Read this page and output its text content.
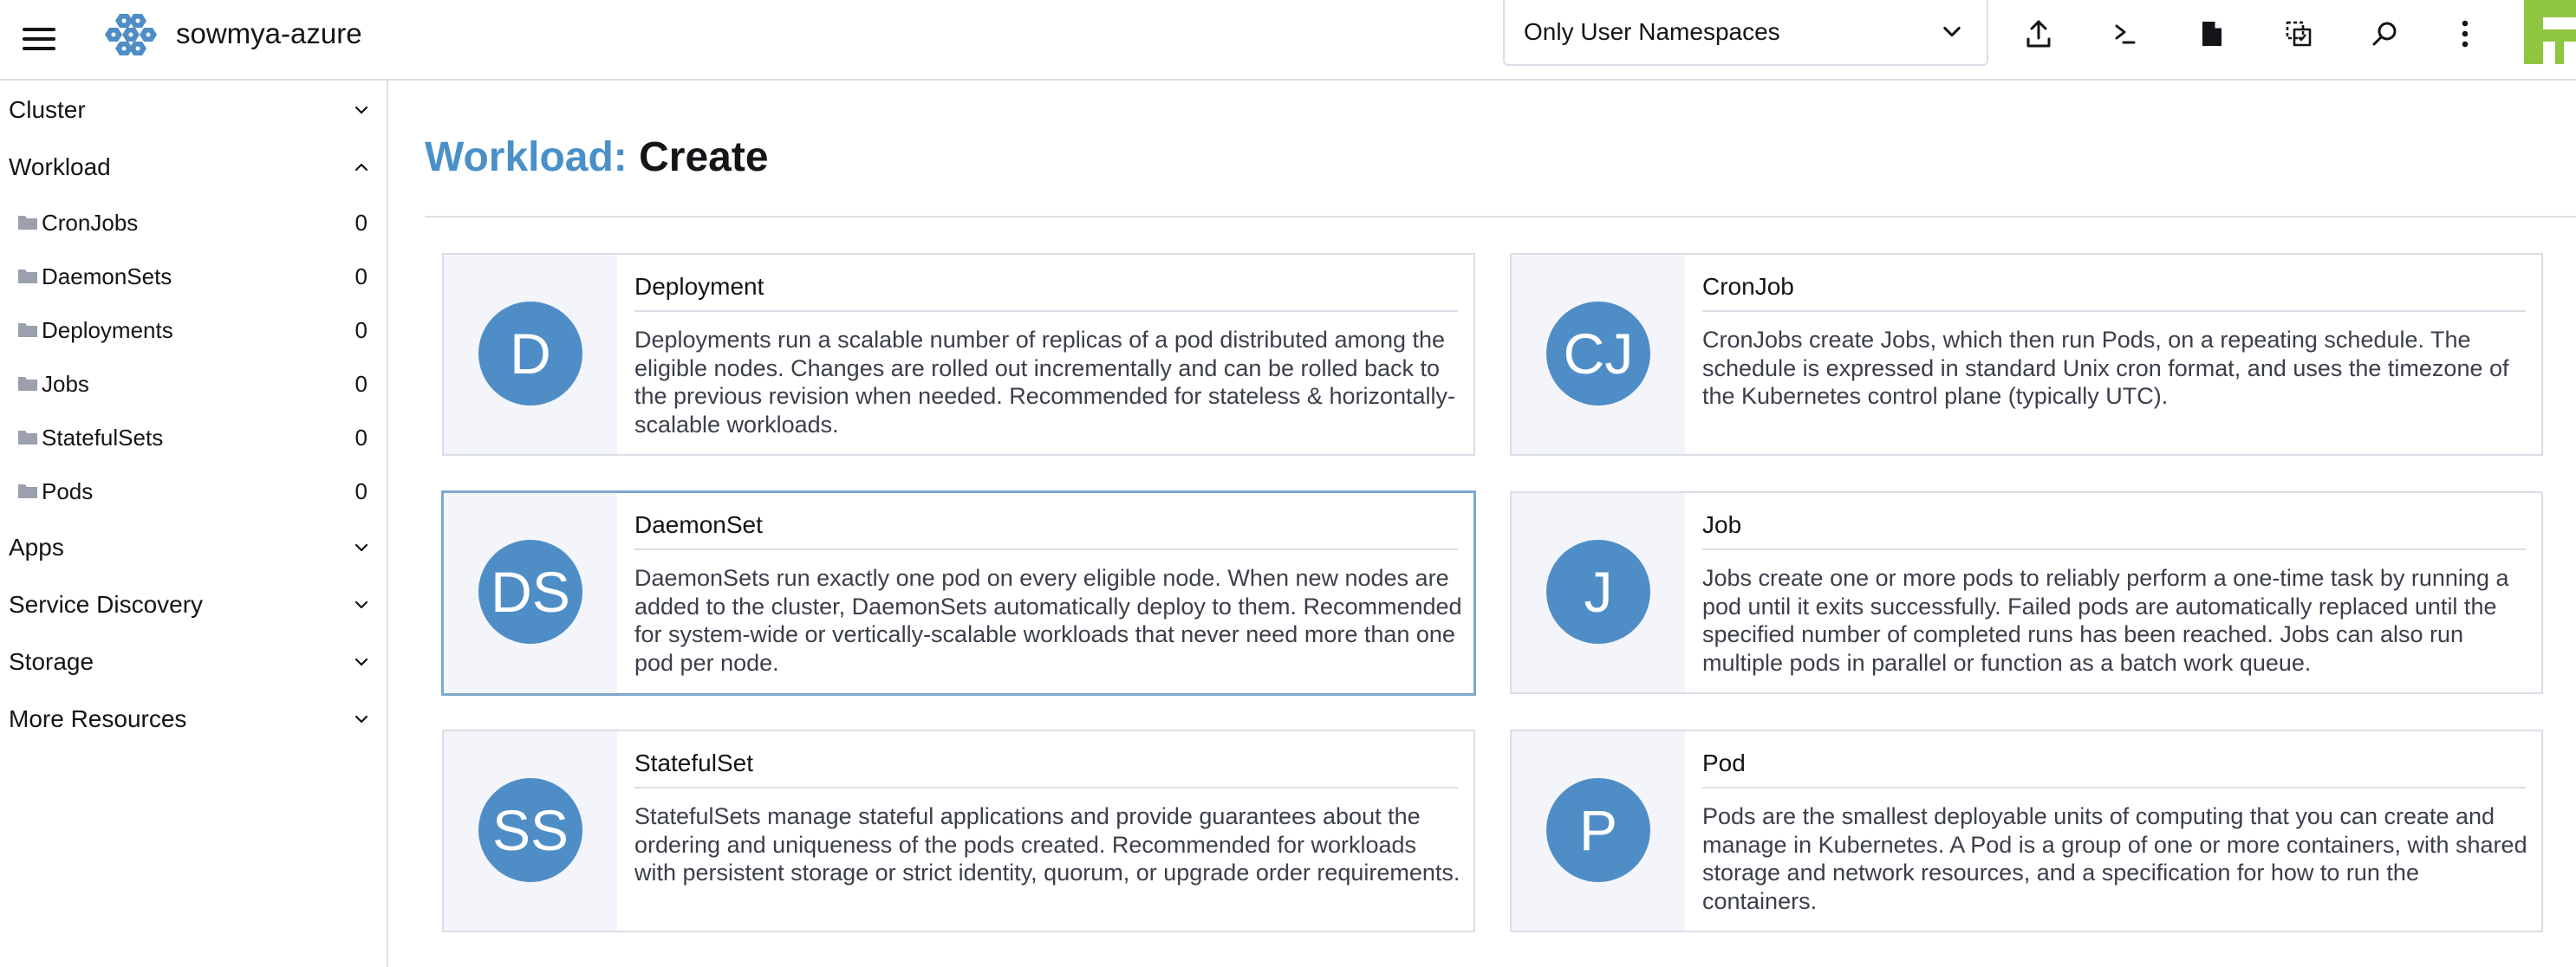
sowmya-azure	Only User Namespaces
Cluster
Workload
CronJobs	0
DaemonSets	0
Deployments	0
Jobs	0
StatefulSets	0
Pods	0
Apps
Service Discovery
Storage
More Resources
Workload: Create
D
Deployment
Deployments run a scalable number of replicas of a pod distributed among the eligible nodes. Changes are rolled out incrementally and can be rolled back to the previous revision when needed. Recommended for stateless & horizontally-scalable workloads.
CJ
CronJob
CronJobs create Jobs, which then run Pods, on a repeating schedule. The schedule is expressed in standard Unix cron format, and uses the timezone of the Kubernetes control plane (typically UTC).
DS
DaemonSet
DaemonSets run exactly one pod on every eligible node. When new nodes are added to the cluster, DaemonSets automatically deploy to them. Recommended for system-wide or vertically-scalable workloads that never need more than one pod per node.
J
Job
Jobs create one or more pods to reliably perform a one-time task by running a pod until it exits successfully. Failed pods are automatically replaced until the specified number of completed runs has been reached. Jobs can also run multiple pods in parallel or function as a batch work queue.
SS
StatefulSet
StatefulSets manage stateful applications and provide guarantees about the ordering and uniqueness of the pods created. Recommended for workloads with persistent storage or strict identity, quorum, or upgrade order requirements.
P
Pod
Pods are the smallest deployable units of computing that you can create and manage in Kubernetes. A Pod is a group of one or more containers, with shared storage and network resources, and a specification for how to run the containers.
